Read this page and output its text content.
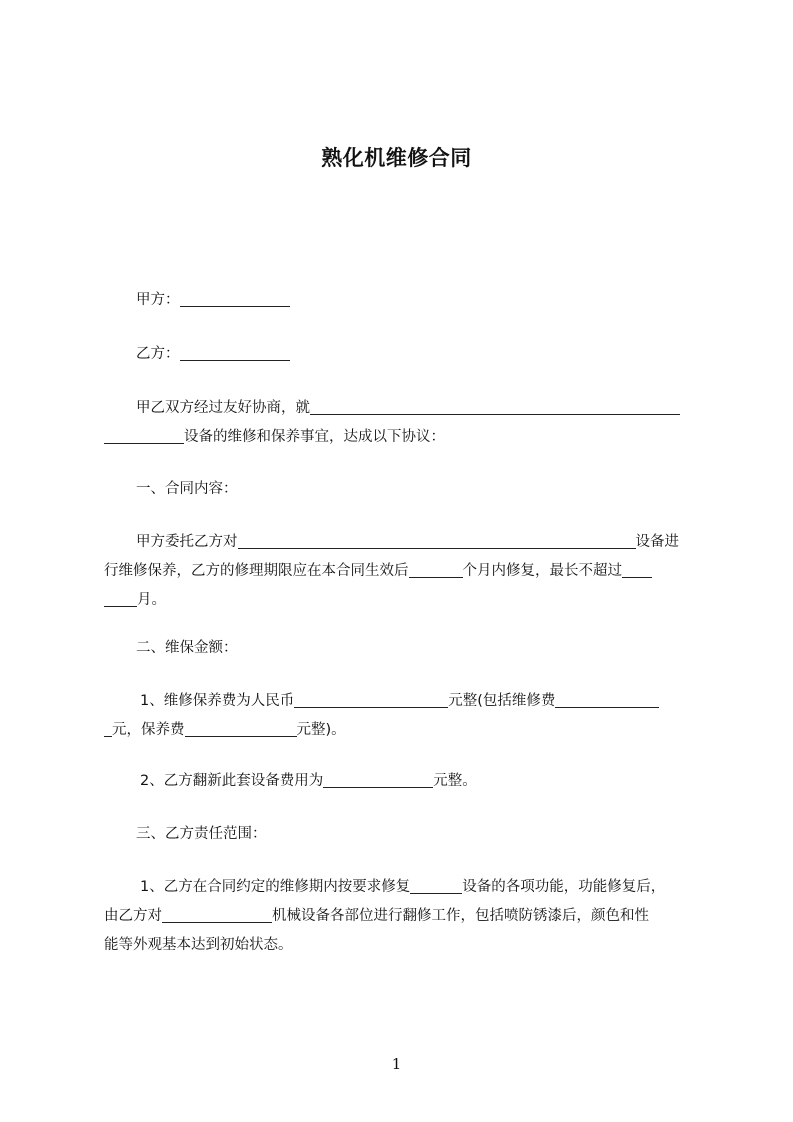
熟化机维修合同
甲方：
乙方：
甲乙双方经过友好协商，就
设备的维修和保养事宜，达成以下协议：
一、合同内容：
甲方委托乙方对	设备进
行维修保养，乙方的修理期限应在本合同生效后	个月内修复，最长不超过
月。
二、维保金额：
1、维修保养费为人民币	元整(包括维修费
元，保养费	元整)。
2、乙方翻新此套设备费用为	元整。
三、乙方责任范围：
1、乙方在合同约定的维修期内按要求修复	设备的各项功能，功能修复后，
由乙方对	机械设备各部位进行翻修工作，包括喷防锈漆后，颜色和性
能等外观基本达到初始状态。
1
